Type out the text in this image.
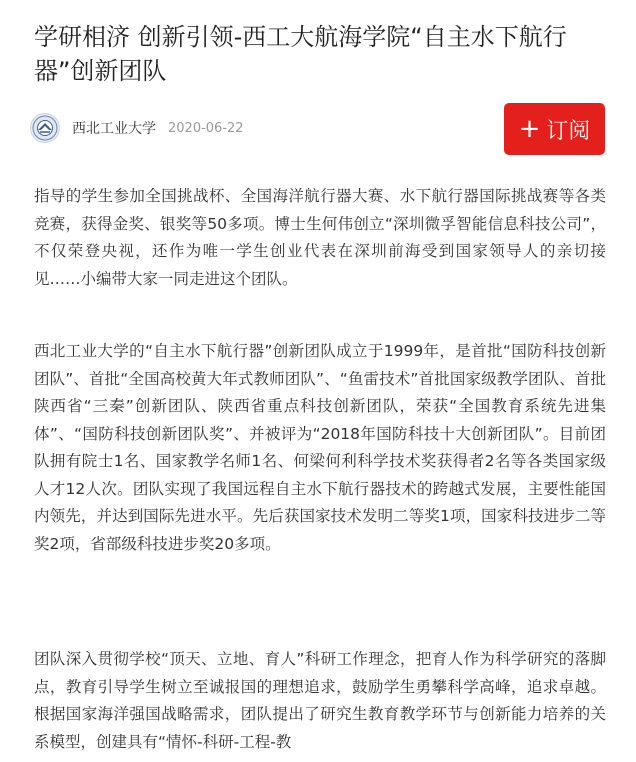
学研相济 创新引领-西工大航海学院“自主水下航行器”创新团队
西北工业大学 2020-06-22	+ 订阅

指导的学生参加全国挑战杯、全国海洋航行器大赛、水下航行器国际挑战赛等各类竞赛，获得金奖、银奖等50多项。博士生何伟创立“深圳微孚智能信息科技公司”，不仅荣登央视，还作为唯一学生创业代表在深圳前海受到国家领导人的亲切接见……小编带大家一同走进这个团队。

西北工业大学的“自主水下航行器”创新团队成立于1999年，是首批“国防科技创新团队”、首批“全国高校黄大年式教师团队”、“鱼雷技术”首批国家级教学团队、首批陕西省“三秦”创新团队、陕西省重点科技创新团队，荣获“全国教育系统先进集体”、“国防科技创新团队奖”、并被评为“2018年国防科技十大创新团队”。目前团队拥有院士1名、国家教学名师1名、何梁何利科学技术奖获得者2名等各类国家级人才12人次。团队实现了我国远程自主水下航行器技术的跨越式发展，主要性能国内领先，并达到国际先进水平。先后获国家技术发明二等奖1项，国家科技进步二等奖2项，省部级科技进步奖20多项。

团队深入贯彻学校“顶天、立地、育人”科研工作理念，把育人作为科学研究的落脚点，教育引导学生树立至诚报国的理想追求，鼓励学生勇攀科学高峰，追求卓越。根据国家海洋强国战略需求，团队提出了研究生教育教学环节与创新能力培养的关系模型，创建具有“情怀-科研-工程-教
